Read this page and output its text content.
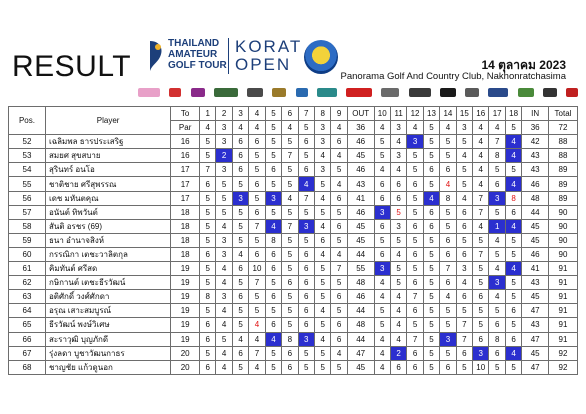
RESULT
THAILAND
AMATEUR
GOLF TOUR
KORAT
OPEN	14 ตุลาคม 2023
Panorama Golf And Country Club, Nakhonratchasima
Pos.	Player	To	1	2	3	4	5	6	7	8	9	OUT	10	11	12	13	14	15	16	17	18	IN	Total
		Par	4	3	4	4	5	4	5	3	4	36	4	3	4	5	4	3	4	4	5	36	72
52	เฉลิมพล ธารประเสริฐ	16	5	3	6	6	5	5	6	3	6	46	5	4	3	5	5	5	4	7	4	42	88
53	สมยศ สุขสบาย	16	5	2	6	5	5	7	5	4	4	45	5	3	5	5	5	4	4	8	4	43	88
54	สุรินทร์ อนโอ	17	7	3	6	5	6	5	6	3	5	46	4	4	5	6	6	5	4	5	5	43	89
55	ชาติชาย ศรีสุพรรณ	17	6	5	5	6	5	5	4	5	4	43	6	6	6	5	4	5	4	6	4	46	89
56	เดช มหันตคุณ	17	5	5	3	5	3	4	7	4	6	41	6	6	5	4	8	4	7	3	8	48	89
57	อนันต์ ทิพวันต์	18	5	5	5	6	5	5	5	5	5	46	3	5	5	6	5	6	7	5	6	44	90
58	สันติ อรชร (69)	18	5	4	5	7	4	7	3	4	6	45	6	3	6	6	5	6	4	1	4	45	90
59	ธนา อำนาจสิงห์	18	5	3	5	5	8	5	5	6	5	45	5	5	5	5	6	5	5	4	5	45	90
60	กรรณิกา เตชะวาลิตกุล	18	6	3	4	6	6	5	6	4	4	44	6	4	6	5	6	6	7	5	5	46	90
61	คิมทันต์ ศรีสด	19	5	4	6	10	6	5	6	5	7	55	3	5	5	5	7	3	5	4	4	41	91
62	กษิกานต์ เตชะธีรวัฒน์	19	5	4	5	7	5	6	6	5	5	48	4	5	6	5	6	4	5	3	5	43	91
63	อติศักดิ์ วงศ์ศักดา	19	8	3	6	5	6	5	6	5	6	46	4	4	7	5	4	6	6	4	5	45	91
64	อรุณ เสาะสมบูรณ์	19	5	4	5	5	5	5	6	4	5	44	5	4	6	5	5	5	5	5	6	47	91
65	ธีรวัฒน์ พงษ์วิเศษ	19	6	4	5	4	6	5	6	5	6	48	5	4	5	5	5	7	5	6	5	43	91
66	สะราวุฒิ บุญภักดี	19	6	5	4	4	4	8	3	4	6	44	4	4	7	5	3	7	6	8	6	47	91
67	รุ่งลดา บูชาวัฒนกาธร	20	5	4	6	7	5	6	5	5	4	47	4	2	6	5	5	6	3	6	4	45	92
68	ชาญชัย แก้วดูนอก	20	6	4	5	4	5	6	5	5	5	45	4	6	6	5	6	5	10	5	5	47	92
